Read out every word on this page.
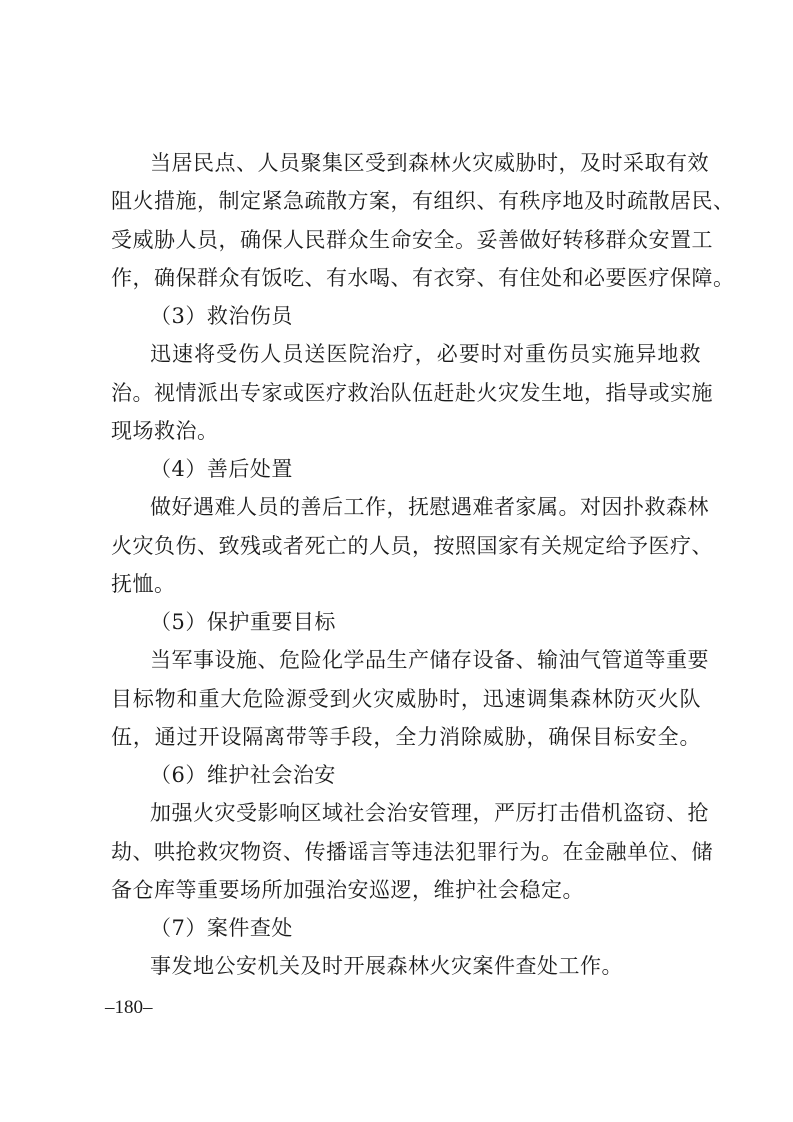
当居民点、人员聚集区受到森林火灾威胁时，及时采取有效
阻火措施，制定紧急疏散方案，有组织、有秩序地及时疏散居民、
受威胁人员，确保人民群众生命安全。妥善做好转移群众安置工
作，确保群众有饭吃、有水喝、有衣穿、有住处和必要医疗保障。
（3）救治伤员
迅速将受伤人员送医院治疗，必要时对重伤员实施异地救
治。视情派出专家或医疗救治队伍赶赴火灾发生地，指导或实施
现场救治。
（4）善后处置
做好遇难人员的善后工作，抚慰遇难者家属。对因扑救森林
火灾负伤、致残或者死亡的人员，按照国家有关规定给予医疗、
抚恤。
（5）保护重要目标
当军事设施、危险化学品生产储存设备、输油气管道等重要
目标物和重大危险源受到火灾威胁时，迅速调集森林防灭火队
伍，通过开设隔离带等手段，全力消除威胁，确保目标安全。
（6）维护社会治安
加强火灾受影响区域社会治安管理，严厉打击借机盗窃、抢
劫、哄抢救灾物资、传播谣言等违法犯罪行为。在金融单位、储
备仓库等重要场所加强治安巡逻，维护社会稳定。
（7）案件查处
事发地公安机关及时开展森林火灾案件查处工作。
–180–
